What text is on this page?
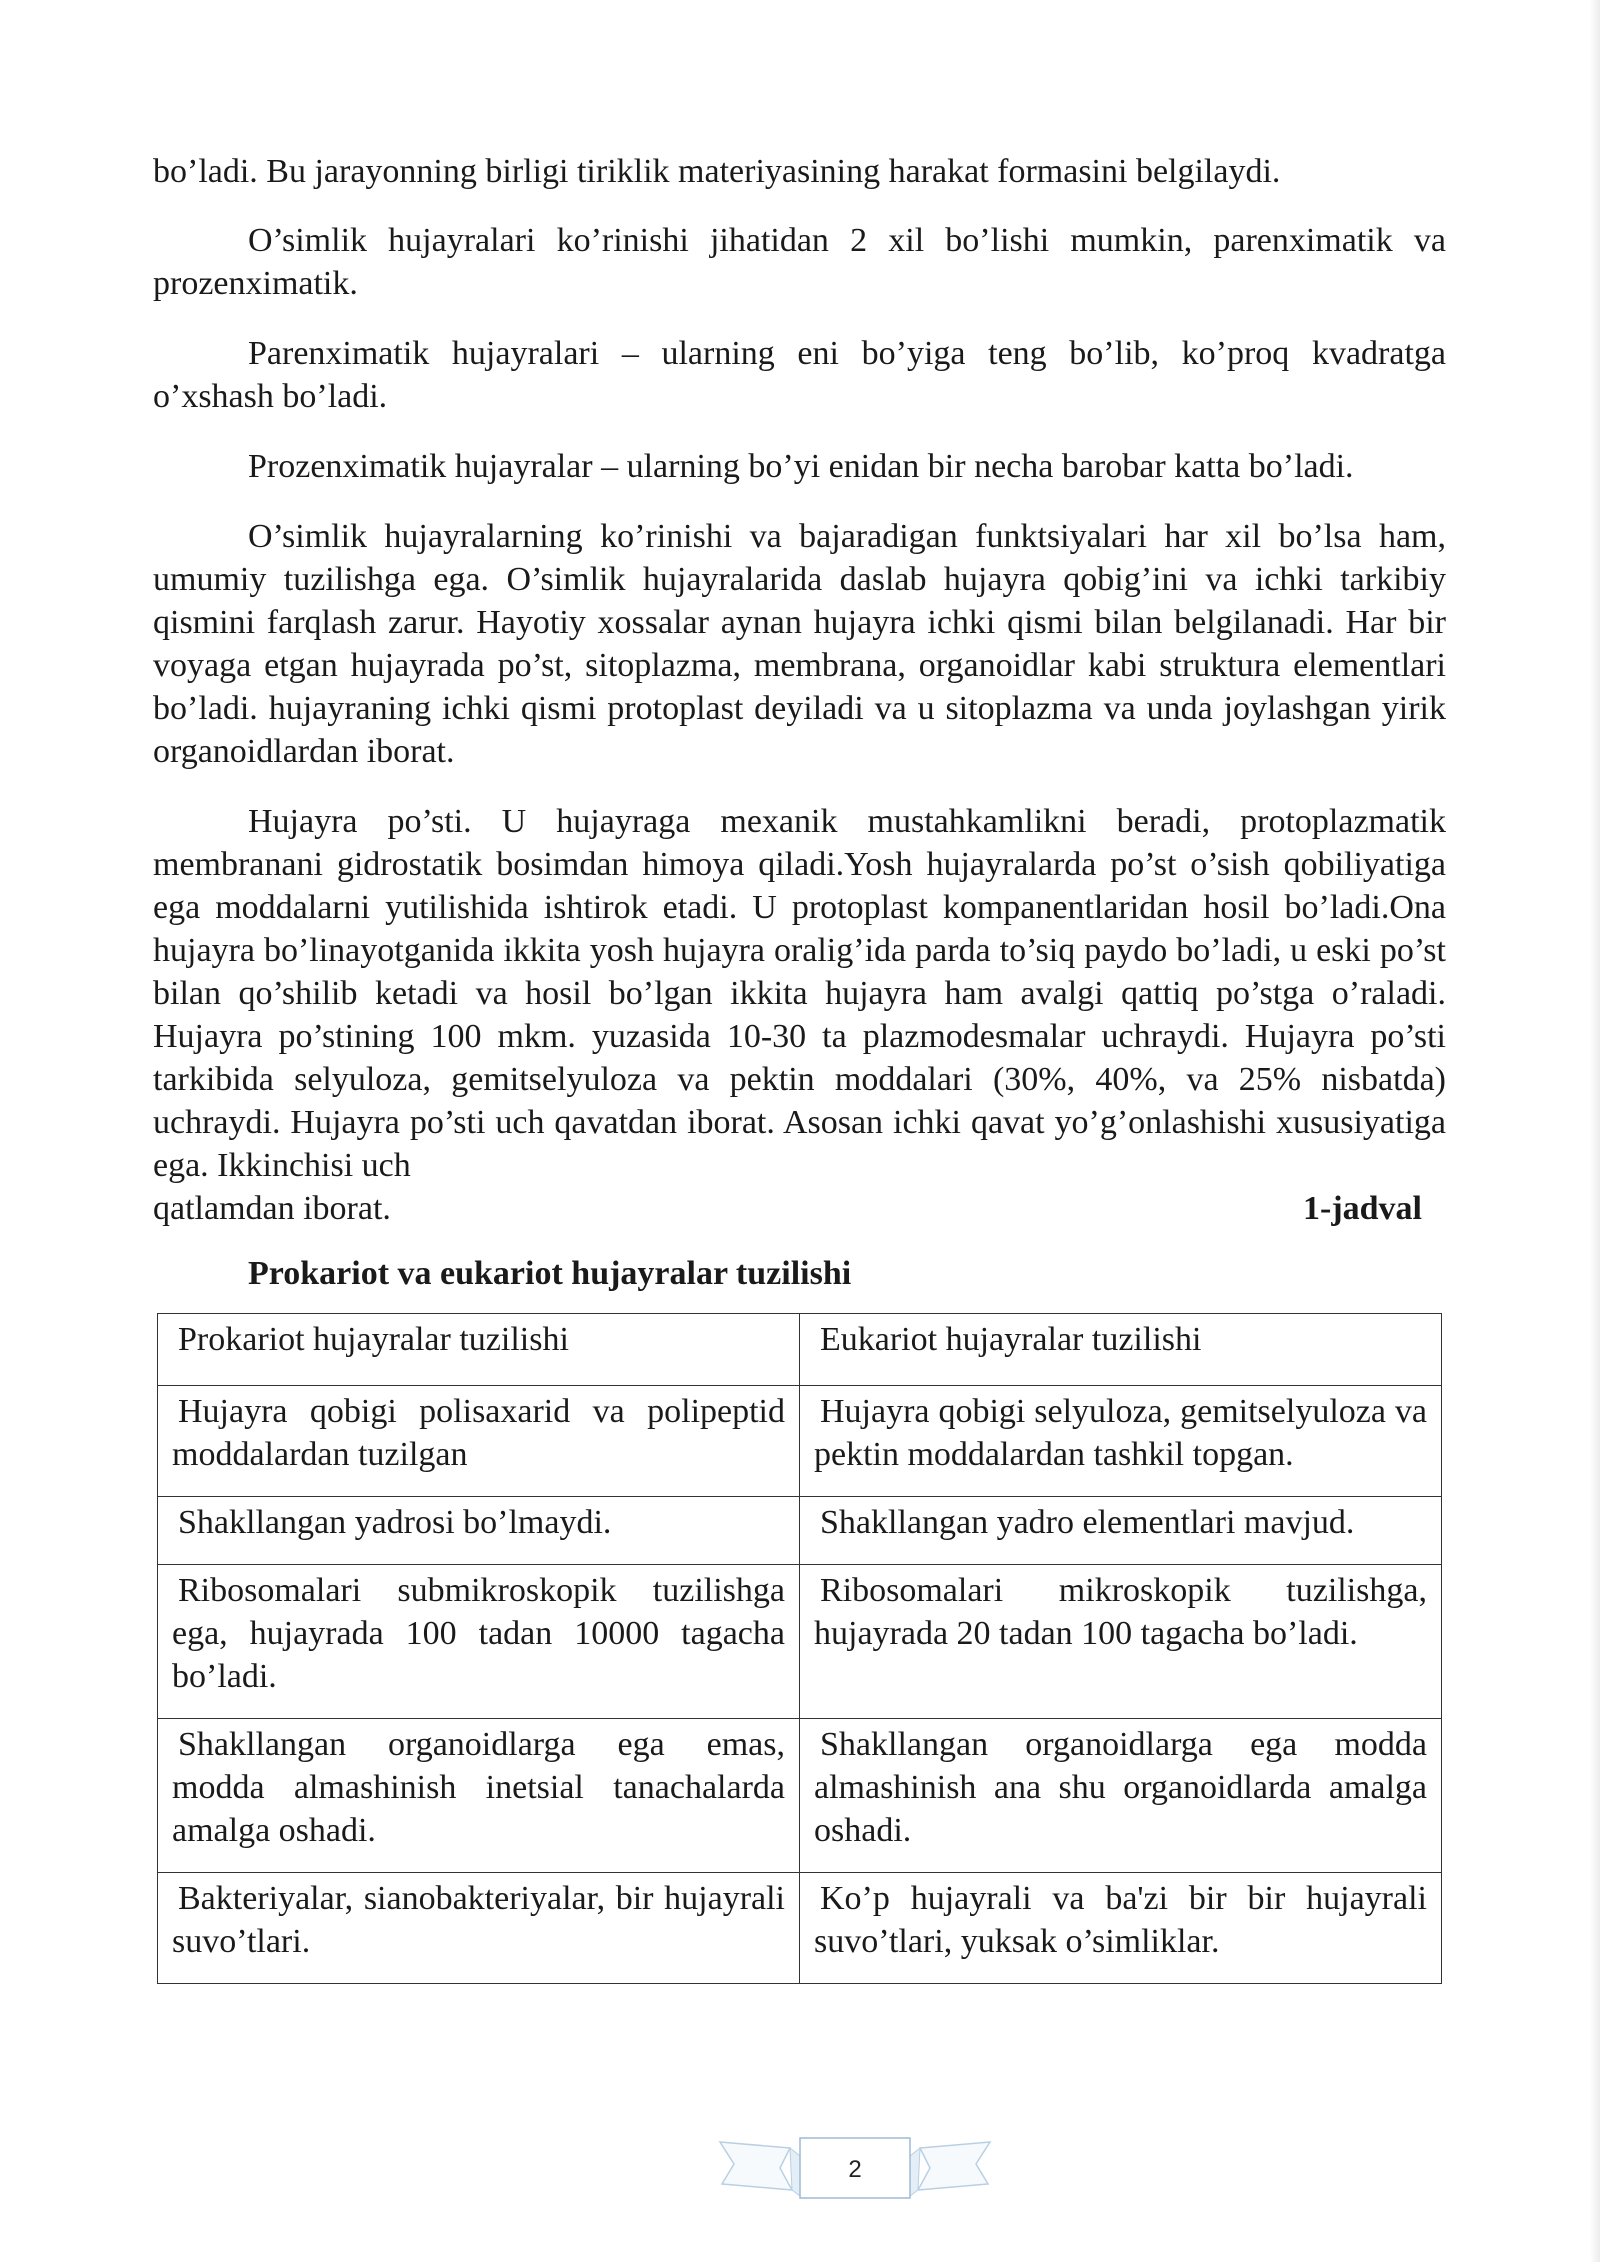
bo’ladi. Bu jarayonning birligi tiriklik materiyasining harakat formasini belgilaydi.

O’simlik hujayralari ko’rinishi jihatidan 2 xil bo’lishi mumkin, parenximatik va prozenximatik.

Parenximatik hujayralari – ularning eni bo’yiga teng bo’lib, ko’proq kvadratga o’xshash bo’ladi.

Prozenximatik hujayralar – ularning bo’yi enidan bir necha barobar katta bo’ladi.

O’simlik hujayralarning ko’rinishi va bajaradigan funktsiyalari har xil bo’lsa ham, umumiy tuzilishga ega. O’simlik hujayralarida daslab hujayra qobig’ini va ichki tarkibiy qismini farqlash zarur. Hayotiy xossalar aynan hujayra ichki qismi bilan belgilanadi. Har bir voyaga etgan hujayrada po’st, sitoplazma, membrana, organoidlar kabi struktura elementlari bo’ladi. hujayraning ichki qismi protoplast deyiladi va u sitoplazma va unda joylashgan yirik organoidlardan iborat.

Hujayra po’sti. U hujayraga mexanik mustahkamlikni beradi, protoplazmatik membranani gidrostatik bosimdan himoya qiladi.Yosh hujayralarda po’st o’sish qobiliyatiga ega moddalarni yutilishida ishtirok etadi. U protoplast kompanentlaridan hosil bo’ladi.Ona hujayra bo’linayotganida ikkita yosh hujayra oralig’ida parda to’siq paydo bo’ladi, u eski po’st bilan qo’shilib ketadi va hosil bo’lgan ikkita hujayra ham avalgi qattiq po’stga o’raladi. Hujayra po’stining 100 mkm. yuzasida 10-30 ta plazmodesmalar uchraydi. Hujayra po’sti tarkibida selyuloza, gemitselyuloza va pektin moddalari (30%, 40%, va 25% nisbatda) uchraydi. Hujayra po’sti uch qavatdan iborat. Asosan ichki qavat yo’g’onlashishi xususiyatiga ega. Ikkinchisi uch

qatlamdan iborat.	1-jadval
Prokariot va eukariot hujayralar tuzilishi
Prokariot hujayralar tuzilishi	Eukariot hujayralar tuzilishi

Hujayra qobigi polisaxarid va polipeptid moddalardan tuzilgan	Hujayra qobigi selyuloza, gemitselyuloza va pektin moddalardan tashkil topgan.

Shakllangan yadrosi bo’lmaydi.	Shakllangan yadro elementlari mavjud.

Ribosomalari submikroskopik tuzilishga ega, hujayrada 100 tadan 10000 tagacha bo’ladi.	Ribosomalari mikroskopik tuzilishga, hujayrada 20 tadan 100 tagacha bo’ladi.

Shakllangan organoidlarga ega emas, modda almashinish inetsial tanachalarda amalga oshadi.	Shakllangan organoidlarga ega modda almashinish ana shu organoidlarda amalga oshadi.

Bakteriyalar, sianobakteriyalar, bir hujayrali suvo’tlari.	Ko’p hujayrali va ba'zi bir bir hujayrali suvo’tlari, yuksak o’simliklar.
2
